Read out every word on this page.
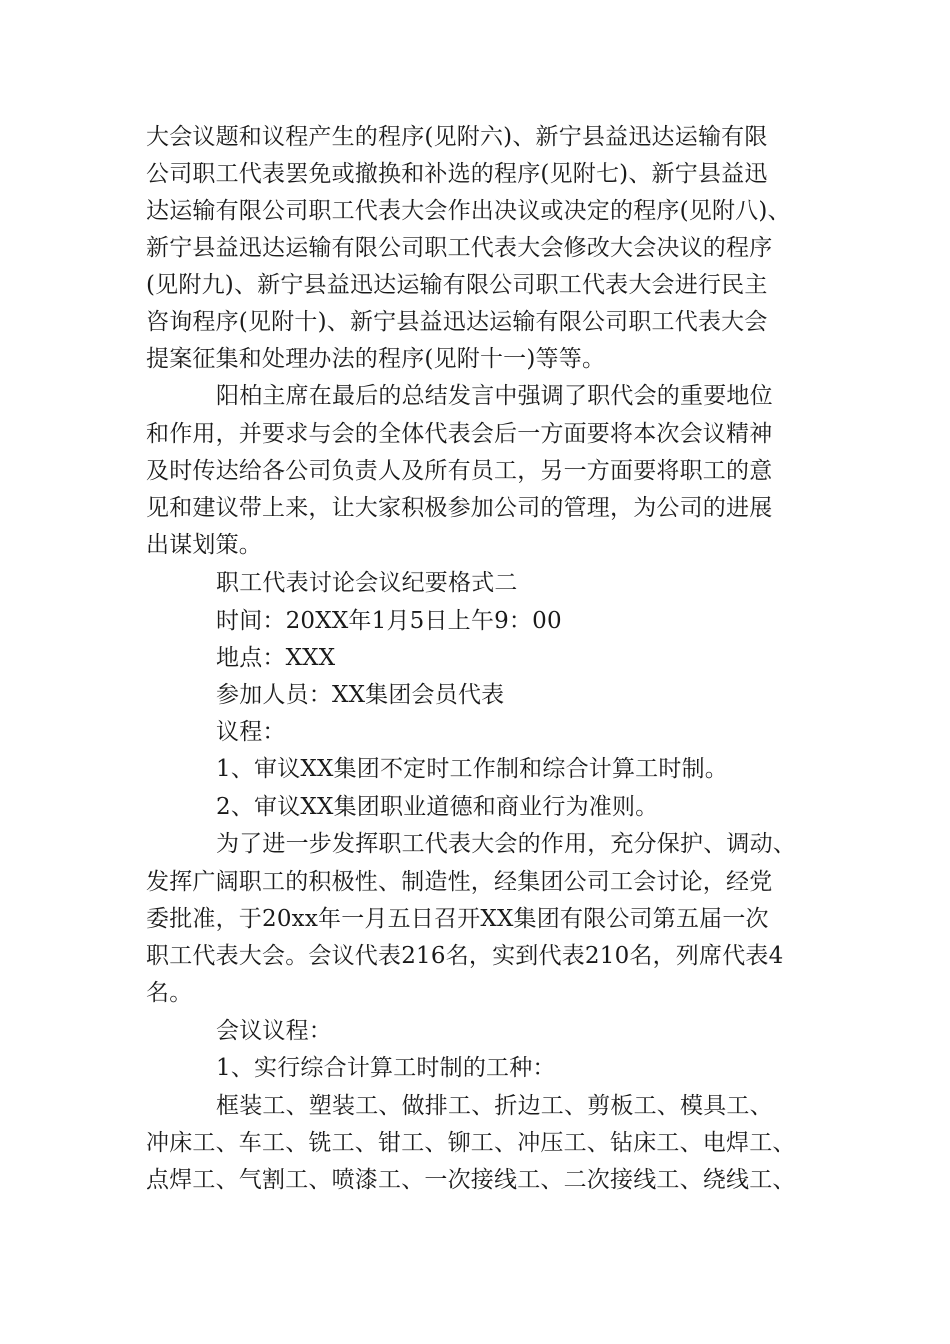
大会议题和议程产生的程序(见附六)、新宁县益迅达运输有限
公司职工代表罢免或撤换和补选的程序(见附七)、新宁县益迅
达运输有限公司职工代表大会作出决议或决定的程序(见附八)、
新宁县益迅达运输有限公司职工代表大会修改大会决议的程序
(见附九)、新宁县益迅达运输有限公司职工代表大会进行民主
咨询程序(见附十)、新宁县益迅达运输有限公司职工代表大会
提案征集和处理办法的程序(见附十一)等等。
阳柏主席在最后的总结发言中强调了职代会的重要地位
和作用，并要求与会的全体代表会后一方面要将本次会议精神
及时传达给各公司负责人及所有员工，另一方面要将职工的意
见和建议带上来，让大家积极参加公司的管理，为公司的进展
出谋划策。
职工代表讨论会议纪要格式二
时间：20XX年1月5日上午9：00
地点：XXX
参加人员：XX集团会员代表
议程：
1、审议XX集团不定时工作制和综合计算工时制。
2、审议XX集团职业道德和商业行为准则。
为了进一步发挥职工代表大会的作用，充分保护、调动、
发挥广阔职工的积极性、制造性，经集团公司工会讨论，经党
委批准，于20xx年一月五日召开XX集团有限公司第五届一次
职工代表大会。会议代表216名，实到代表210名，列席代表4
名。
会议议程：
1、实行综合计算工时制的工种：
框装工、塑装工、做排工、折边工、剪板工、模具工、
冲床工、车工、铣工、钳工、铆工、冲压工、钻床工、电焊工、
点焊工、气割工、喷漆工、一次接线工、二次接线工、绕线工、
